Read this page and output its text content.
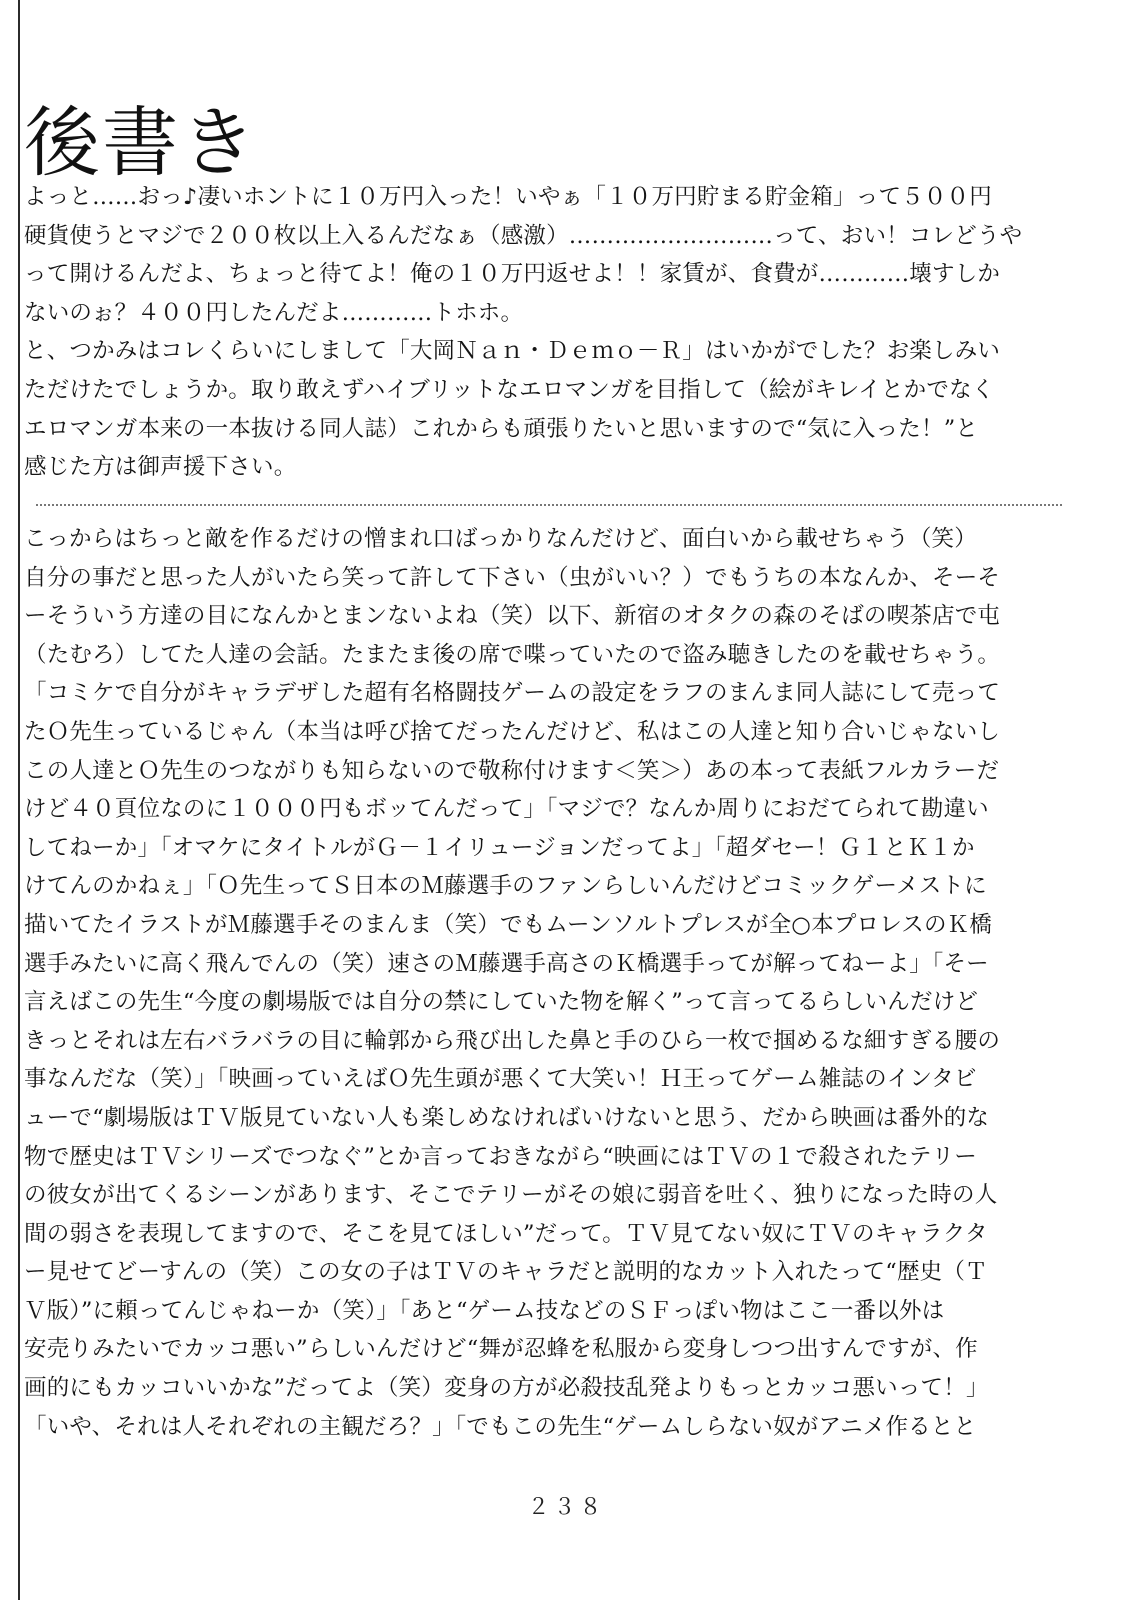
後書き
よっと……おっ♪凄いホントに１０万円入った！いやぁ「１０万円貯まる貯金箱」って５００円
硬貨使うとマジで２００枚以上入るんだなぁ（感激）………………………って、おい！コレどうや
って開けるんだよ、ちょっと待てよ！俺の１０万円返せよ！！家賃が、食費が…………壊すしか
ないのぉ？４００円したんだよ…………トホホ。
と、つかみはコレくらいにしまして「大岡Ｎａｎ・Ｄｅｍｏ－Ｒ」はいかがでした？お楽しみい
ただけたでしょうか。取り敢えずハイブリットなエロマンガを目指して（絵がキレイとかでなく
エロマンガ本来の一本抜ける同人誌）これからも頑張りたいと思いますので“気に入った！”と
感じた方は御声援下さい。
こっからはちっと敵を作るだけの憎まれ口ばっかりなんだけど、面白いから載せちゃう（笑）
自分の事だと思った人がいたら笑って許して下さい（虫がいい？）でもうちの本なんか、そーそ
ーそういう方達の目になんかとまンないよね（笑）以下、新宿のオタクの森のそばの喫茶店で屯
（たむろ）してた人達の会話。たまたま後の席で喋っていたので盗み聴きしたのを載せちゃう。
「コミケで自分がキャラデザした超有名格闘技ゲームの設定をラフのまんま同人誌にして売って
たＯ先生っているじゃん（本当は呼び捨てだったんだけど、私はこの人達と知り合いじゃないし
この人達とＯ先生のつながりも知らないので敬称付けます＜笑＞）あの本って表紙フルカラーだ
けど４０頁位なのに１０００円もボッてんだって」「マジで？なんか周りにおだてられて勘違い
してねーか」「オマケにタイトルがＧ－１イリュージョンだってよ」「超ダセー！Ｇ１とＫ１か
けてんのかねぇ」「Ｏ先生ってＳ日本のＭ藤選手のファンらしいんだけどコミックゲーメストに
描いてたイラストがＭ藤選手そのまんま（笑）でもムーンソルトプレスが全○本プロレスのＫ橋
選手みたいに高く飛んでんの（笑）速さのＭ藤選手高さのＫ橋選手ってが解ってねーよ」「そー
言えばこの先生“今度の劇場版では自分の禁にしていた物を解く”って言ってるらしいんだけど
きっとそれは左右バラバラの目に輪郭から飛び出した鼻と手のひら一枚で掴めるな細すぎる腰の
事なんだな（笑）」「映画っていえばＯ先生頭が悪くて大笑い！Ｈ王ってゲーム雑誌のインタビ
ューで“劇場版はＴＶ版見ていない人も楽しめなければいけないと思う、だから映画は番外的な
物で歴史はＴＶシリーズでつなぐ”とか言っておきながら“映画にはＴＶの１で殺されたテリー
の彼女が出てくるシーンがあります、そこでテリーがその娘に弱音を吐く、独りになった時の人
間の弱さを表現してますので、そこを見てほしい”だって。ＴＶ見てない奴にＴＶのキャラクタ
ー見せてどーすんの（笑）この女の子はＴＶのキャラだと説明的なカット入れたって“歴史（Ｔ
Ｖ版）”に頼ってんじゃねーか（笑）」「あと“ゲーム技などのＳＦっぽい物はここ一番以外は
安売りみたいでカッコ悪い”らしいんだけど“舞が忍蜂を私服から変身しつつ出すんですが、作
画的にもカッコいいかな”だってよ（笑）変身の方が必殺技乱発よりもっとカッコ悪いって！」
「いや、それは人それぞれの主観だろ？」「でもこの先生“ゲームしらない奴がアニメ作るとと
２３８
